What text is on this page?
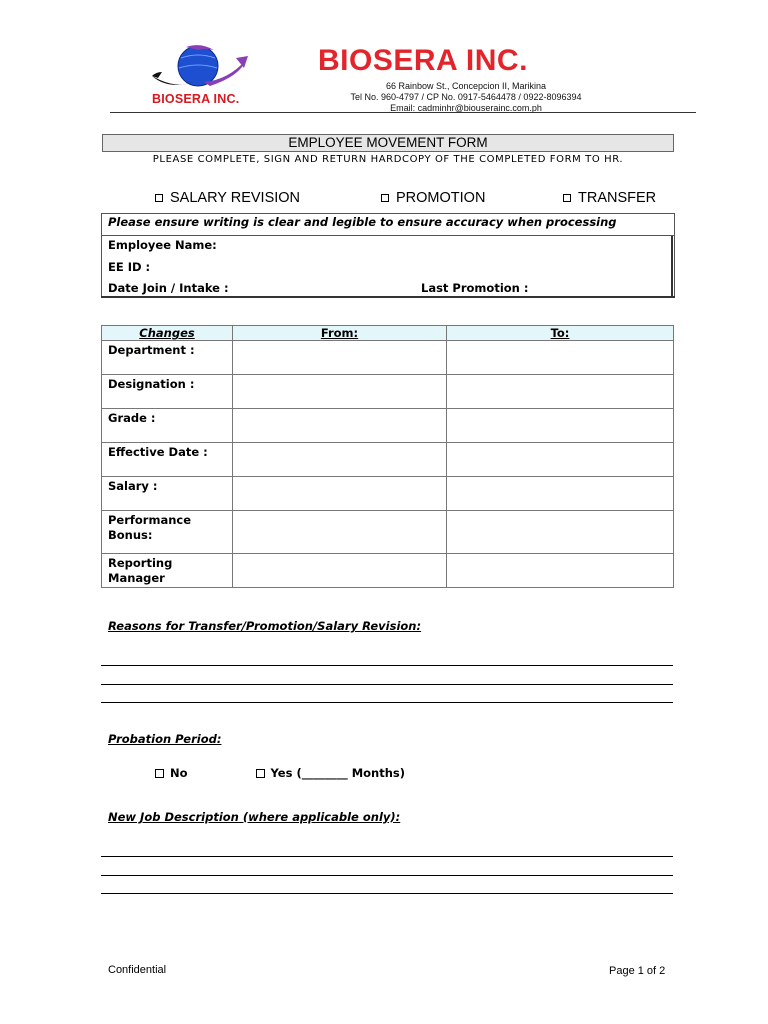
BIOSERA INC.
BIOSERA INC.
66 Rainbow St., Concepcion II, Marikina
Tel No. 960-4797 / CP No. 0917-5464478 / 0922-8096394
Email: cadminhr@biouserainc.com.ph
EMPLOYEE MOVEMENT FORM
PLEASE COMPLETE, SIGN AND RETURN HARDCOPY OF THE COMPLETED FORM TO HR.
SALARY REVISION	PROMOTION	TRANSFER
Please ensure writing is clear and legible to ensure accuracy when processing
Employee Name:
EE ID :
Date Join / Intake :	Last Promotion :
Changes	From:	To:
Department :		
Designation :		
Grade :		
Effective Date :		
Salary :		
Performance
Bonus:		
Reporting
Manager		
Reasons for Transfer/Promotion/Salary Revision:
Probation Period:
No	Yes (________ Months)
New Job Description (where applicable only):
Confidential	Page 1 of 2
